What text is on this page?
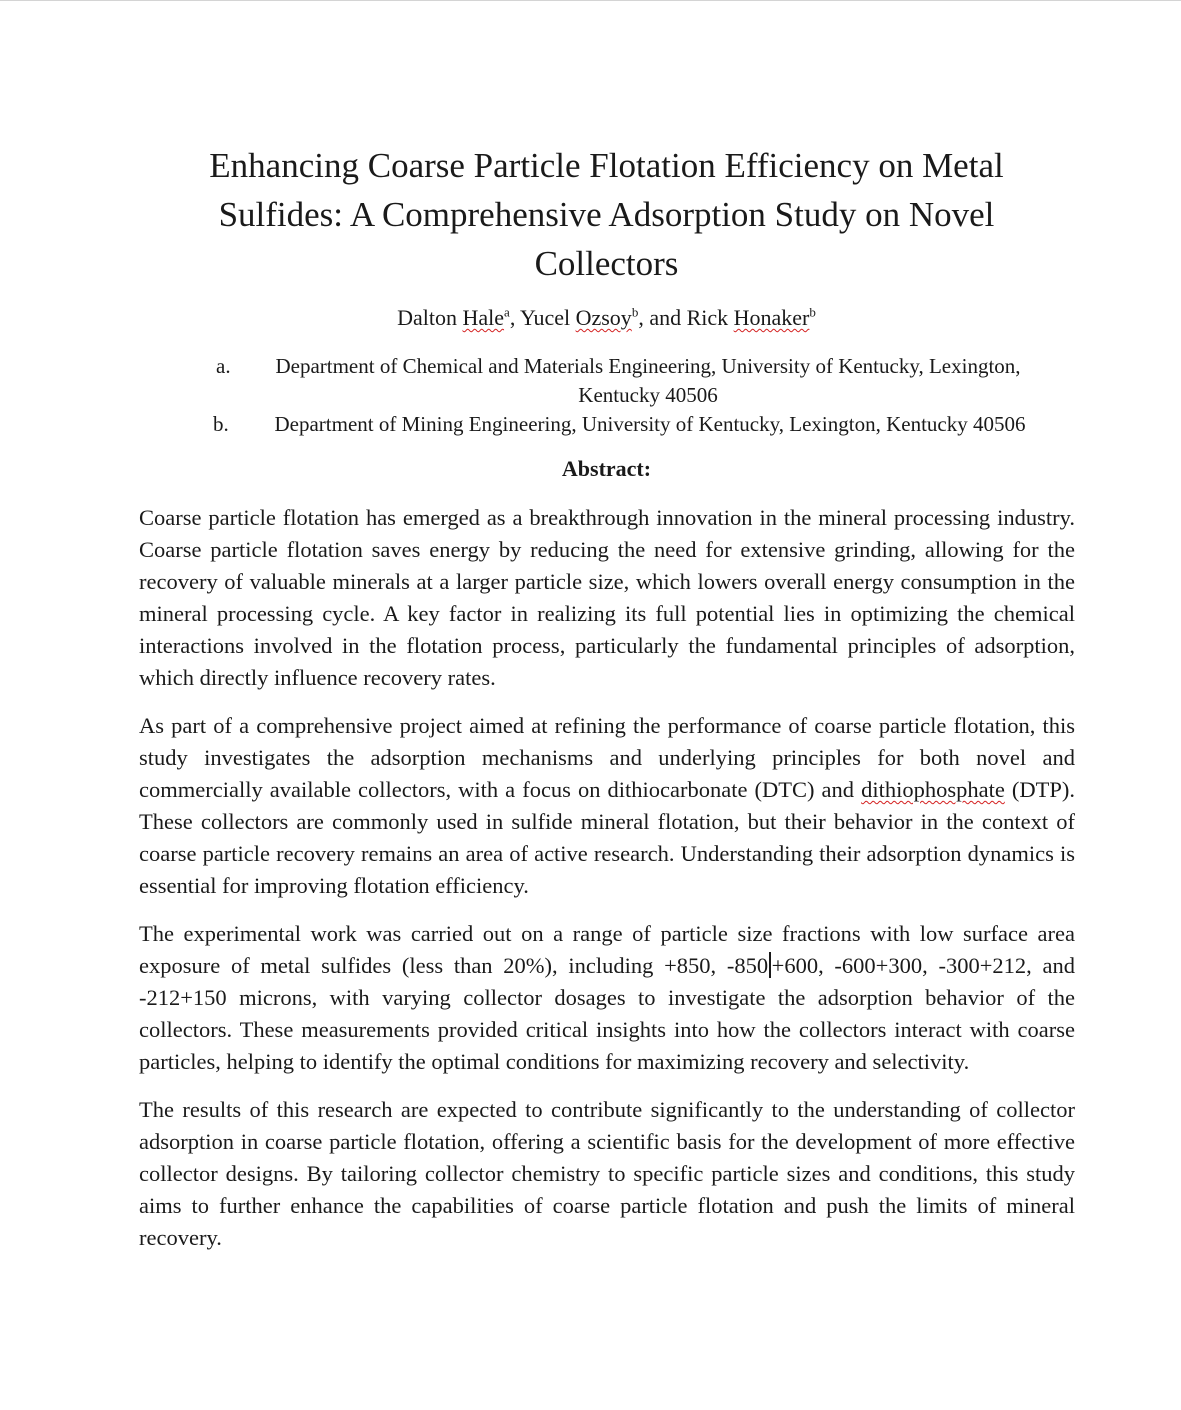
Enhancing Coarse Particle Flotation Efficiency on Metal Sulfides: A Comprehensive Adsorption Study on Novel Collectors
Dalton Hale$^a$, Yucel Ozsoy$^b$, and Rick Honaker$^b$
a.	Department of Chemical and Materials Engineering, University of Kentucky, Lexington, Kentucky 40506
b.	Department of Mining Engineering, University of Kentucky, Lexington, Kentucky 40506
Abstract:

Coarse particle flotation has emerged as a breakthrough innovation in the mineral processing industry. Coarse particle flotation saves energy by reducing the need for extensive grinding, allowing for the recovery of valuable minerals at a larger particle size, which lowers overall energy consumption in the mineral processing cycle. A key factor in realizing its full potential lies in optimizing the chemical interactions involved in the flotation process, particularly the fundamental principles of adsorption, which directly influence recovery rates.

As part of a comprehensive project aimed at refining the performance of coarse particle flotation, this study investigates the adsorption mechanisms and underlying principles for both novel and commercially available collectors, with a focus on dithiocarbonate (DTC) and dithiophosphate (DTP). These collectors are commonly used in sulfide mineral flotation, but their behavior in the context of coarse particle recovery remains an area of active research. Understanding their adsorption dynamics is essential for improving flotation efficiency.

The experimental work was carried out on a range of particle size fractions with low surface area exposure of metal sulfides (less than 20%), including +850, -850 +600, -600+300, -300+212, and -212+150 microns, with varying collector dosages to investigate the adsorption behavior of the collectors. These measurements provided critical insights into how the collectors interact with coarse particles, helping to identify the optimal conditions for maximizing recovery and selectivity.

The results of this research are expected to contribute significantly to the understanding of collector adsorption in coarse particle flotation, offering a scientific basis for the development of more effective collector designs. By tailoring collector chemistry to specific particle sizes and conditions, this study aims to further enhance the capabilities of coarse particle flotation and push the limits of mineral recovery.
